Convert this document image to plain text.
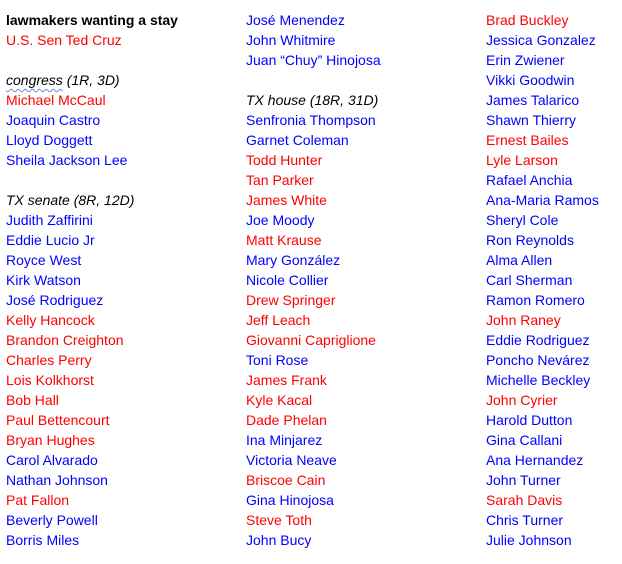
lawmakers wanting a stay
U.S. Sen Ted Cruz
congress (1R, 3D)
Michael McCaul
Joaquin Castro
Lloyd Doggett
Sheila Jackson Lee
TX senate (8R, 12D)
Judith Zaffirini
Eddie Lucio Jr
Royce West
Kirk Watson
José Rodriguez
Kelly Hancock
Brandon Creighton
Charles Perry
Lois Kolkhorst
Bob Hall
Paul Bettencourt
Bryan Hughes
Carol Alvarado
Nathan Johnson
Pat Fallon
Beverly Powell
Borris Miles
José Menendez
John Whitmire
Juan “Chuy” Hinojosa
TX house (18R, 31D)
Senfronia Thompson
Garnet Coleman
Todd Hunter
Tan Parker
James White
Joe Moody
Matt Krause
Mary González
Nicole Collier
Drew Springer
Jeff Leach
Giovanni Capriglione
Toni Rose
James Frank
Kyle Kacal
Dade Phelan
Ina Minjarez
Victoria Neave
Briscoe Cain
Gina Hinojosa
Steve Toth
John Bucy
Brad Buckley
Jessica Gonzalez
Erin Zwiener
Vikki Goodwin
James Talarico
Shawn Thierry
Ernest Bailes
Lyle Larson
Rafael Anchia
Ana-Maria Ramos
Sheryl Cole
Ron Reynolds
Alma Allen
Carl Sherman
Ramon Romero
John Raney
Eddie Rodriguez
Poncho Nevárez
Michelle Beckley
John Cyrier
Harold Dutton
Gina Callani
Ana Hernandez
John Turner
Sarah Davis
Chris Turner
Julie Johnson
